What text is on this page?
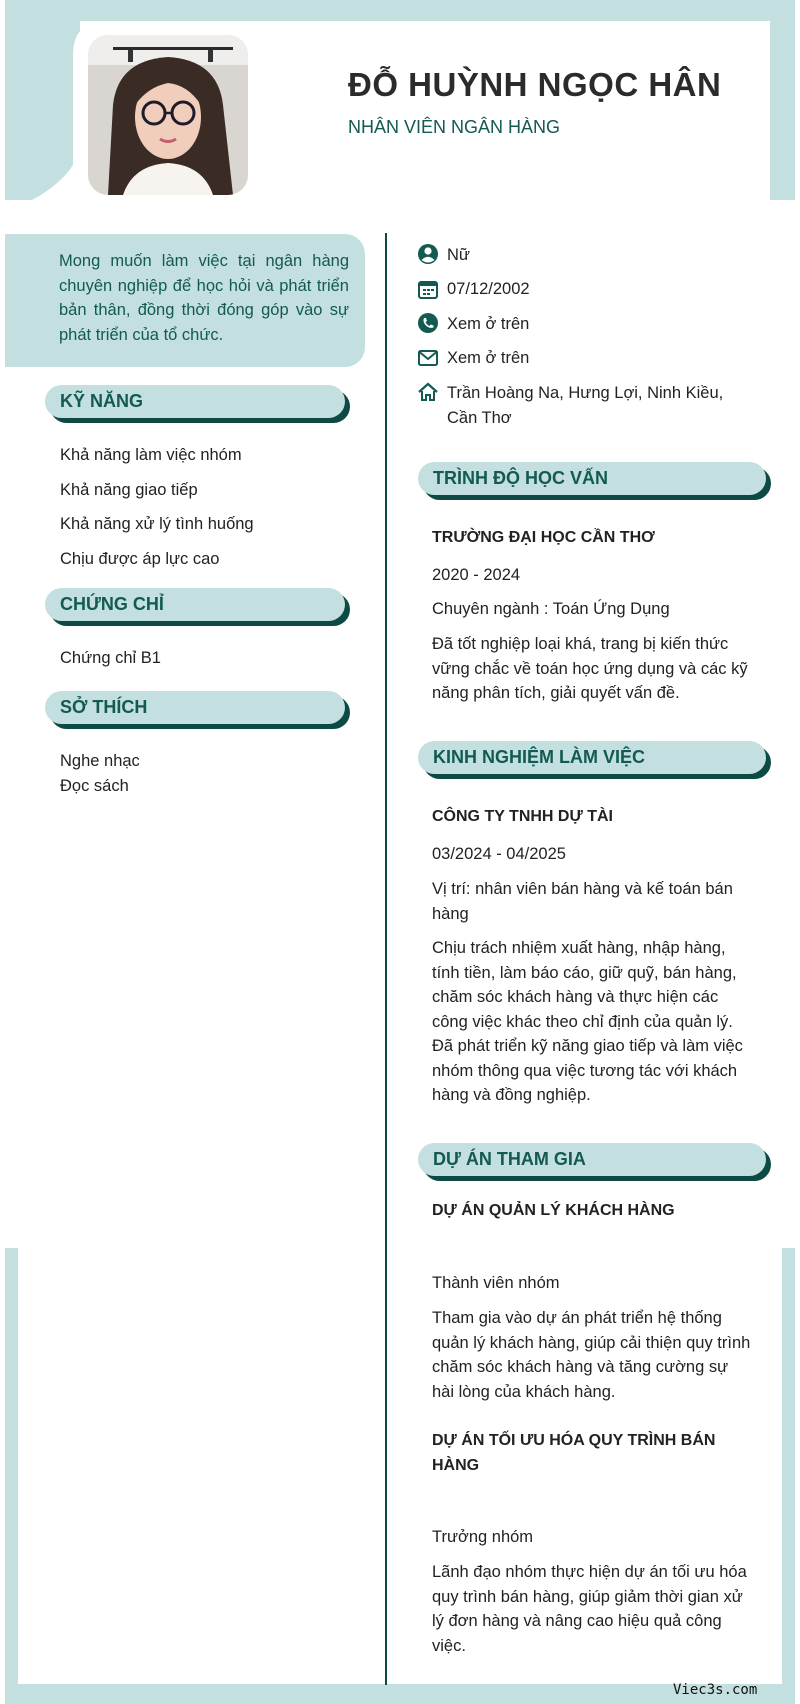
ĐỖ HUỲNH NGỌC HÂN
NHÂN VIÊN NGÂN HÀNG

Mong muốn làm việc tại ngân hàng chuyên nghiệp để học hỏi và phát triển bản thân, đồng thời đóng góp vào sự phát triển của tổ chức.

KỸ NĂNG
Khả năng làm việc nhóm
Khả năng giao tiếp
Khả năng xử lý tình huống
Chịu được áp lực cao
CHỨNG CHỈ
Chứng chỉ B1
SỞ THÍCH
Nghe nhạc
Đọc sách
Nữ
07/12/2002
Xem ở trên
Xem ở trên
Trần Hoàng Na, Hưng Lợi, Ninh Kiều,
Cần Thơ
TRÌNH ĐỘ HỌC VẤN
TRƯỜNG ĐẠI HỌC CẦN THƠ
2020 - 2024
Chuyên ngành : Toán Ứng Dụng
Đã tốt nghiệp loại khá, trang bị kiến thức vững chắc về toán học ứng dụng và các kỹ năng phân tích, giải quyết vấn đề.
KINH NGHIỆM LÀM VIỆC
CÔNG TY TNHH DỰ TÀI
03/2024 - 04/2025
Vị trí: nhân viên bán hàng và kế toán bán hàng
Chịu trách nhiệm xuất hàng, nhập hàng, tính tiền, làm báo cáo, giữ quỹ, bán hàng, chăm sóc khách hàng và thực hiện các công việc khác theo chỉ định của quản lý. Đã phát triển kỹ năng giao tiếp và làm việc nhóm thông qua việc tương tác với khách hàng và đồng nghiệp.
DỰ ÁN THAM GIA
DỰ ÁN QUẢN LÝ KHÁCH HÀNG
Thành viên nhóm
Tham gia vào dự án phát triển hệ thống quản lý khách hàng, giúp cải thiện quy trình chăm sóc khách hàng và tăng cường sự hài lòng của khách hàng.
DỰ ÁN TỐI ƯU HÓA QUY TRÌNH BÁN HÀNG
Trưởng nhóm
Lãnh đạo nhóm thực hiện dự án tối ưu hóa quy trình bán hàng, giúp giảm thời gian xử lý đơn hàng và nâng cao hiệu quả công việc.
Viec3s.com
